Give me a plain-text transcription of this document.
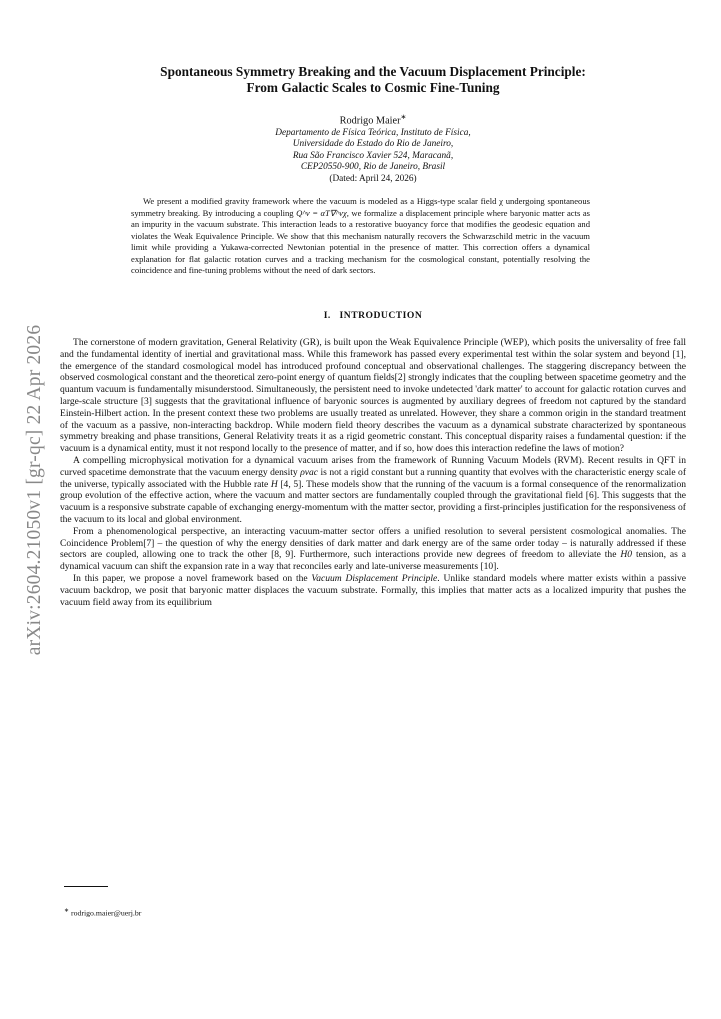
arXiv:2604.21050v1 [gr-qc] 22 Apr 2026
Spontaneous Symmetry Breaking and the Vacuum Displacement Principle:
From Galactic Scales to Cosmic Fine-Tuning
Rodrigo Maier∗
Departamento de Física Teórica, Instituto de Física,
Universidade do Estado do Rio de Janeiro,
Rua São Francisco Xavier 524, Maracanã,
CEP20550-900, Rio de Janeiro, Brasil
(Dated: April 24, 2026)
We present a modified gravity framework where the vacuum is modeled as a Higgs-type scalar field χ undergoing spontaneous symmetry breaking. By introducing a coupling Q^ν = αT∇^νχ, we formalize a displacement principle where baryonic matter acts as an impurity in the vacuum substrate. This interaction leads to a restorative buoyancy force that modifies the geodesic equation and violates the Weak Equivalence Principle. We show that this mechanism naturally recovers the Schwarzschild metric in the vacuum limit while providing a Yukawa-corrected Newtonian potential in the presence of matter. This correction offers a dynamical explanation for flat galactic rotation curves and a tracking mechanism for the cosmological constant, potentially resolving the coincidence and fine-tuning problems without the need of dark sectors.
I. INTRODUCTION

The cornerstone of modern gravitation, General Relativity (GR), is built upon the Weak Equivalence Principle (WEP), which posits the universality of free fall and the fundamental identity of inertial and gravitational mass. While this framework has passed every experimental test within the solar system and beyond [1], the emergence of the standard cosmological model has introduced profound conceptual and observational challenges. The staggering discrepancy between the observed cosmological constant and the theoretical zero-point energy of quantum fields[2] strongly indicates that the coupling between spacetime geometry and the quantum vacuum is fundamentally misunderstood. Simultaneously, the persistent need to invoke undetected 'dark matter' to account for galactic rotation curves and large-scale structure [3] suggests that the gravitational influence of baryonic sources is augmented by auxiliary degrees of freedom not captured by the standard Einstein-Hilbert action. In the present context these two problems are usually treated as unrelated. However, they share a common origin in the standard treatment of the vacuum as a passive, non-interacting backdrop. While modern field theory describes the vacuum as a dynamical substrate characterized by spontaneous symmetry breaking and phase transitions, General Relativity treats it as a rigid geometric constant. This conceptual disparity raises a fundamental question: if the vacuum is a dynamical entity, must it not respond locally to the presence of matter, and if so, how does this interaction redefine the laws of motion?

A compelling microphysical motivation for a dynamical vacuum arises from the framework of Running Vacuum Models (RVM). Recent results in QFT in curved spacetime demonstrate that the vacuum energy density ρvac is not a rigid constant but a running quantity that evolves with the characteristic energy scale of the universe, typically associated with the Hubble rate H [4, 5]. These models show that the running of the vacuum is a formal consequence of the renormalization group evolution of the effective action, where the vacuum and matter sectors are fundamentally coupled through the gravitational field [6]. This suggests that the vacuum is a responsive substrate capable of exchanging energy-momentum with the matter sector, providing a first-principles justification for the responsiveness of the vacuum to its local and global environment.

From a phenomenological perspective, an interacting vacuum-matter sector offers a unified resolution to several persistent cosmological anomalies. The Coincidence Problem[7] – the question of why the energy densities of dark matter and dark energy are of the same order today – is naturally addressed if these sectors are coupled, allowing one to track the other [8, 9]. Furthermore, such interactions provide new degrees of freedom to alleviate the H0 tension, as a dynamical vacuum can shift the expansion rate in a way that reconciles early and late-universe measurements [10].

In this paper, we propose a novel framework based on the Vacuum Displacement Principle. Unlike standard models where matter exists within a passive vacuum backdrop, we posit that baryonic matter displaces the vacuum substrate. Formally, this implies that matter acts as a localized impurity that pushes the vacuum field away from its equilibrium

∗ rodrigo.maier@uerj.br
